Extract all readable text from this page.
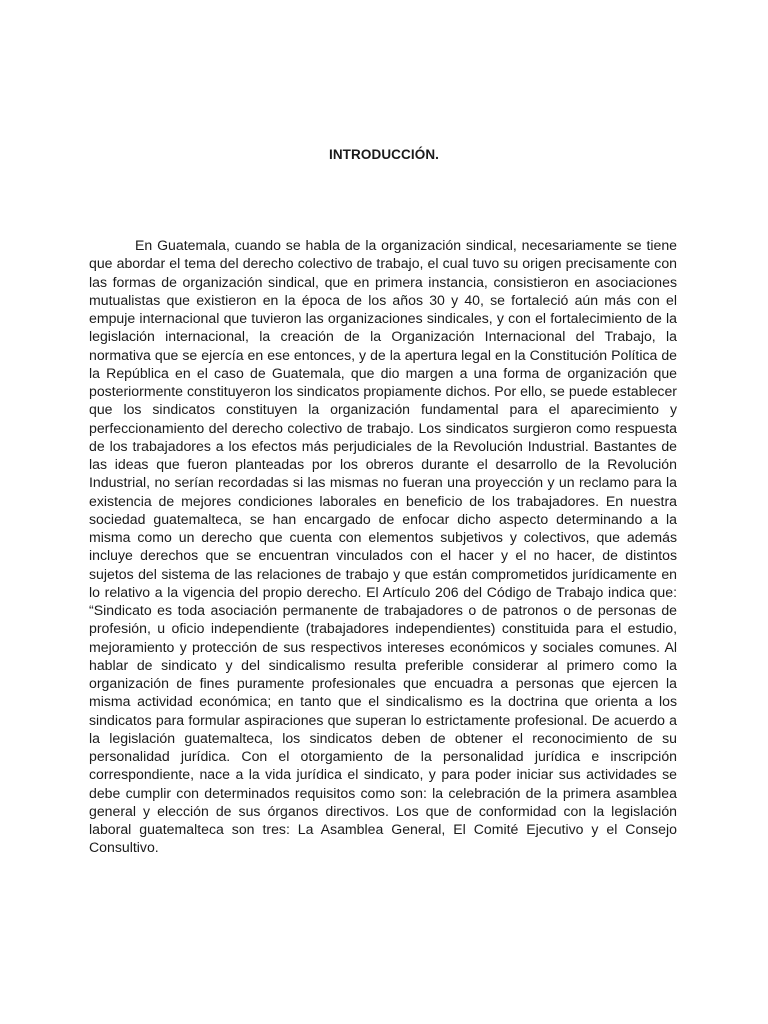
INTRODUCCIÓN.

En Guatemala, cuando se habla de la organización sindical, necesariamente se tiene que abordar el tema del derecho colectivo de trabajo, el cual tuvo su origen precisamente con las formas de organización sindical, que en primera instancia, consistieron en asociaciones mutualistas que existieron en la época de los años 30 y 40, se fortaleció aún más con el empuje internacional que tuvieron las organizaciones sindicales, y con el fortalecimiento de la legislación internacional, la creación de la Organización Internacional del Trabajo, la normativa que se ejercía en ese entonces, y de la apertura legal en la Constitución Política de la República en el caso de Guatemala, que dio margen a una forma de organización que posteriormente constituyeron los sindicatos propiamente dichos. Por ello, se puede establecer que los sindicatos constituyen la organización fundamental para el aparecimiento y perfeccionamiento del derecho colectivo de trabajo. Los sindicatos surgieron como respuesta de los trabajadores a los efectos más perjudiciales de la Revolución Industrial. Bastantes de las ideas que fueron planteadas por los obreros durante el desarrollo de la Revolución Industrial, no serían recordadas si las mismas no fueran una proyección y un reclamo para la existencia de mejores condiciones laborales en beneficio de los trabajadores. En nuestra sociedad guatemalteca, se han encargado de enfocar dicho aspecto determinando a la misma como un derecho que cuenta con elementos subjetivos y colectivos, que además incluye derechos que se encuentran vinculados con el hacer y el no hacer, de distintos sujetos del sistema de las relaciones de trabajo y que están comprometidos jurídicamente en lo relativo a la vigencia del propio derecho. El Artículo 206 del Código de Trabajo indica que: “Sindicato es toda asociación permanente de trabajadores o de patronos o de personas de profesión, u oficio independiente (trabajadores independientes) constituida para el estudio, mejoramiento y protección de sus respectivos intereses económicos y sociales comunes. Al hablar de sindicato y del sindicalismo resulta preferible considerar al primero como la organización de fines puramente profesionales que encuadra a personas que ejercen la misma actividad económica; en tanto que el sindicalismo es la doctrina que orienta a los sindicatos para formular aspiraciones que superan lo estrictamente profesional. De acuerdo a la legislación guatemalteca, los sindicatos deben de obtener el reconocimiento de su personalidad jurídica. Con el otorgamiento de la personalidad jurídica e inscripción correspondiente, nace a la vida jurídica el sindicato, y para poder iniciar sus actividades se debe cumplir con determinados requisitos como son: la celebración de la primera asamblea general y elección de sus órganos directivos. Los que de conformidad con la legislación laboral guatemalteca son tres: La Asamblea General, El Comité Ejecutivo y el Consejo Consultivo.
